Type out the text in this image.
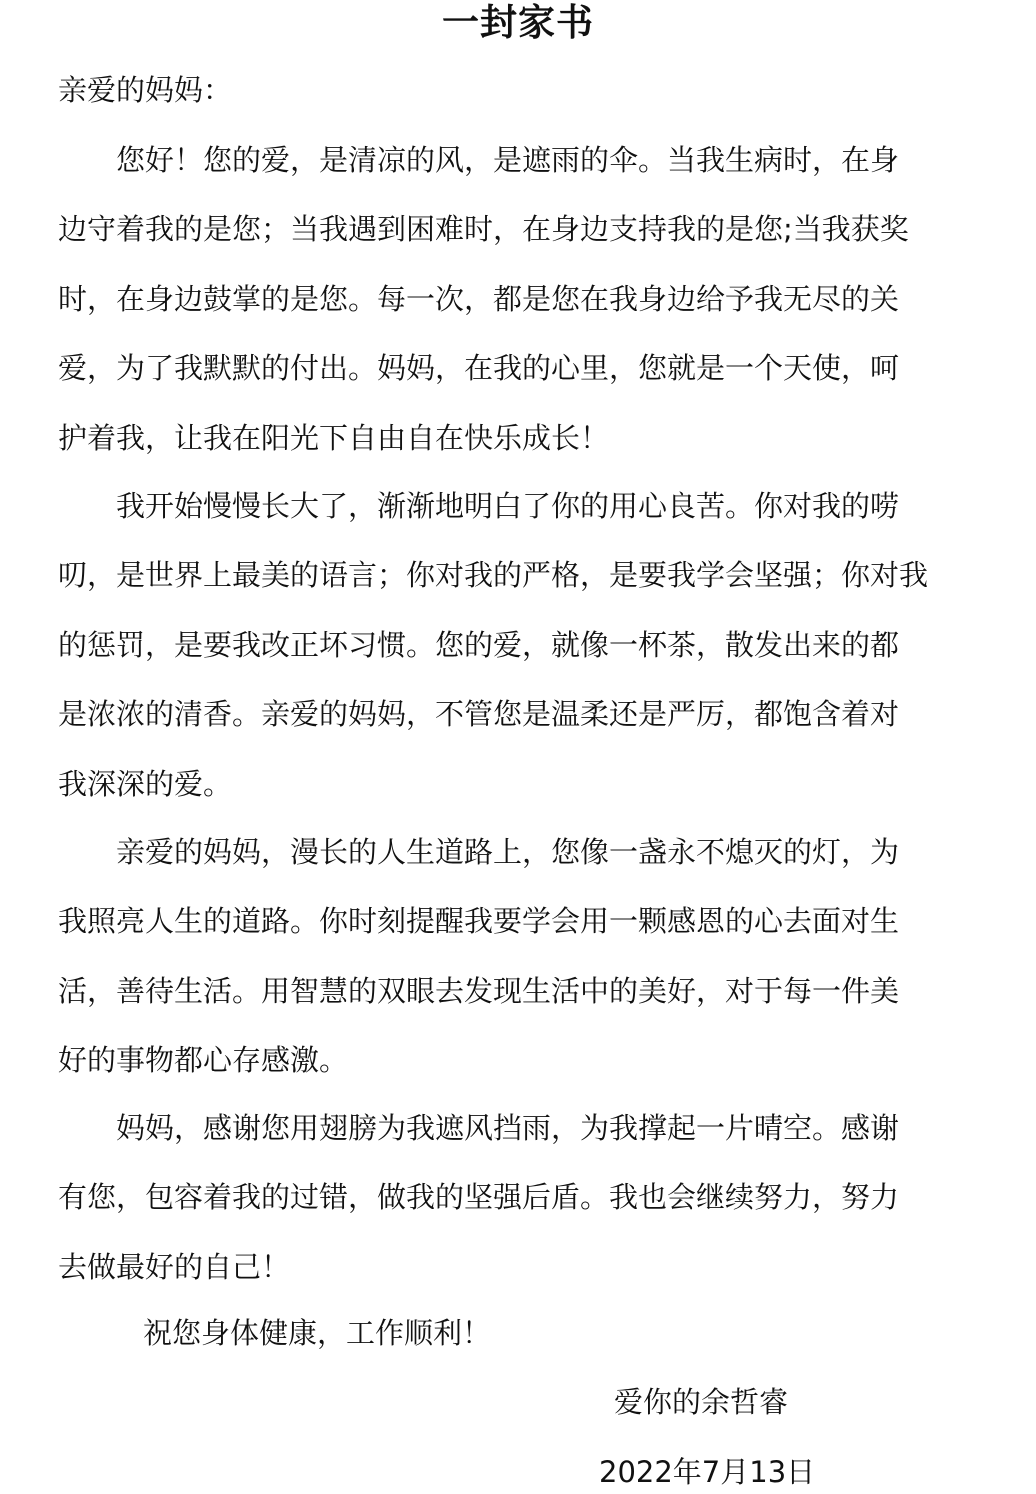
一封家书
亲爱的妈妈：
　　您好！您的爱，是清凉的风，是遮雨的伞。当我生病时，在身
边守着我的是您；当我遇到困难时，在身边支持我的是您;当我获奖
时，在身边鼓掌的是您。每一次，都是您在我身边给予我无尽的关
爱，为了我默默的付出。妈妈，在我的心里，您就是一个天使，呵
护着我，让我在阳光下自由自在快乐成长！
　　我开始慢慢长大了，渐渐地明白了你的用心良苦。你对我的唠
叨，是世界上最美的语言；你对我的严格，是要我学会坚强；你对我
的惩罚，是要我改正坏习惯。您的爱，就像一杯茶，散发出来的都
是浓浓的清香。亲爱的妈妈，不管您是温柔还是严厉，都饱含着对
我深深的爱。
　　亲爱的妈妈，漫长的人生道路上，您像一盏永不熄灭的灯，为
我照亮人生的道路。你时刻提醒我要学会用一颗感恩的心去面对生
活，善待生活。用智慧的双眼去发现生活中的美好，对于每一件美
好的事物都心存感激。
　　妈妈，感谢您用翅膀为我遮风挡雨，为我撑起一片晴空。感谢
有您，包容着我的过错，做我的坚强后盾。我也会继续努力，努力
去做最好的自己！
祝您身体健康，工作顺利！
爱你的余哲睿
2022年7月13日
